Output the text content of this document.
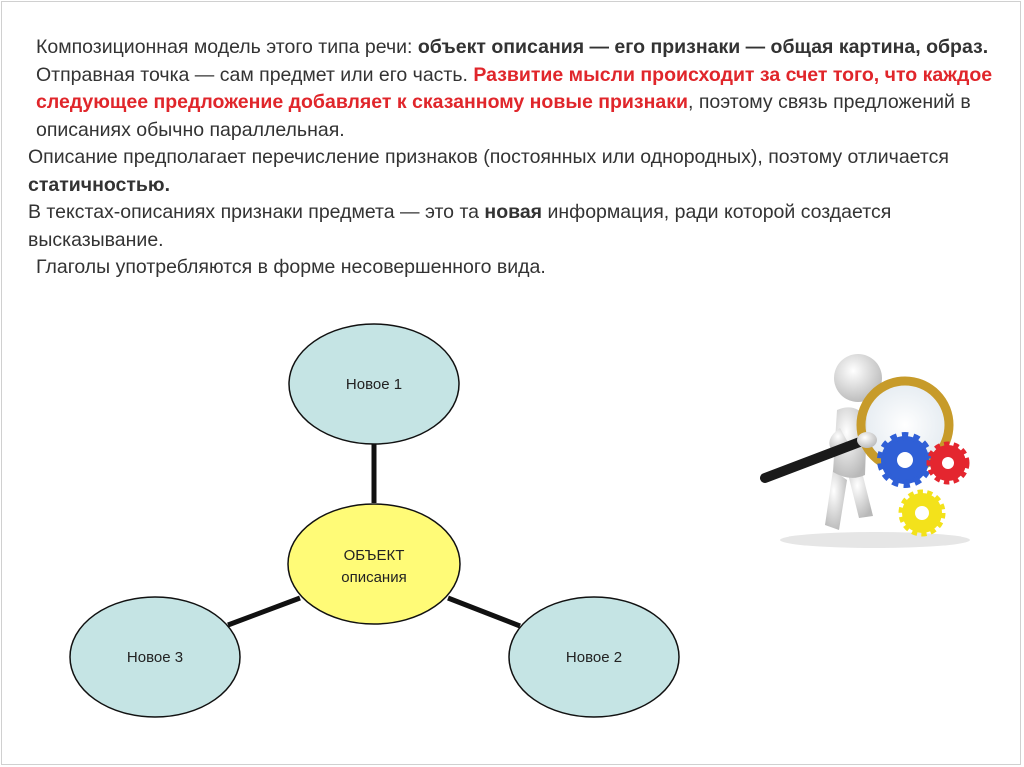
Композиционная модель этого типа речи: объект описания — его признаки — общая картина, образ.

Отправная точка — сам предмет или его часть. Развитие мысли происходит за счет того, что каждое следующее предложение добавляет к сказанному новые признаки, поэтому связь предложений в описаниях обычно параллельная.

Описание предполагает перечисление признаков (постоянных или однородных), поэтому отличается статичностью.

В текстах-описаниях признаки предмета — это та новая информация, ради которой создается высказывание.

Глаголы употребляются в форме несовершенного вида.

Новое 1
ОБЪЕКТ
описания
Новое 3	Новое 2
